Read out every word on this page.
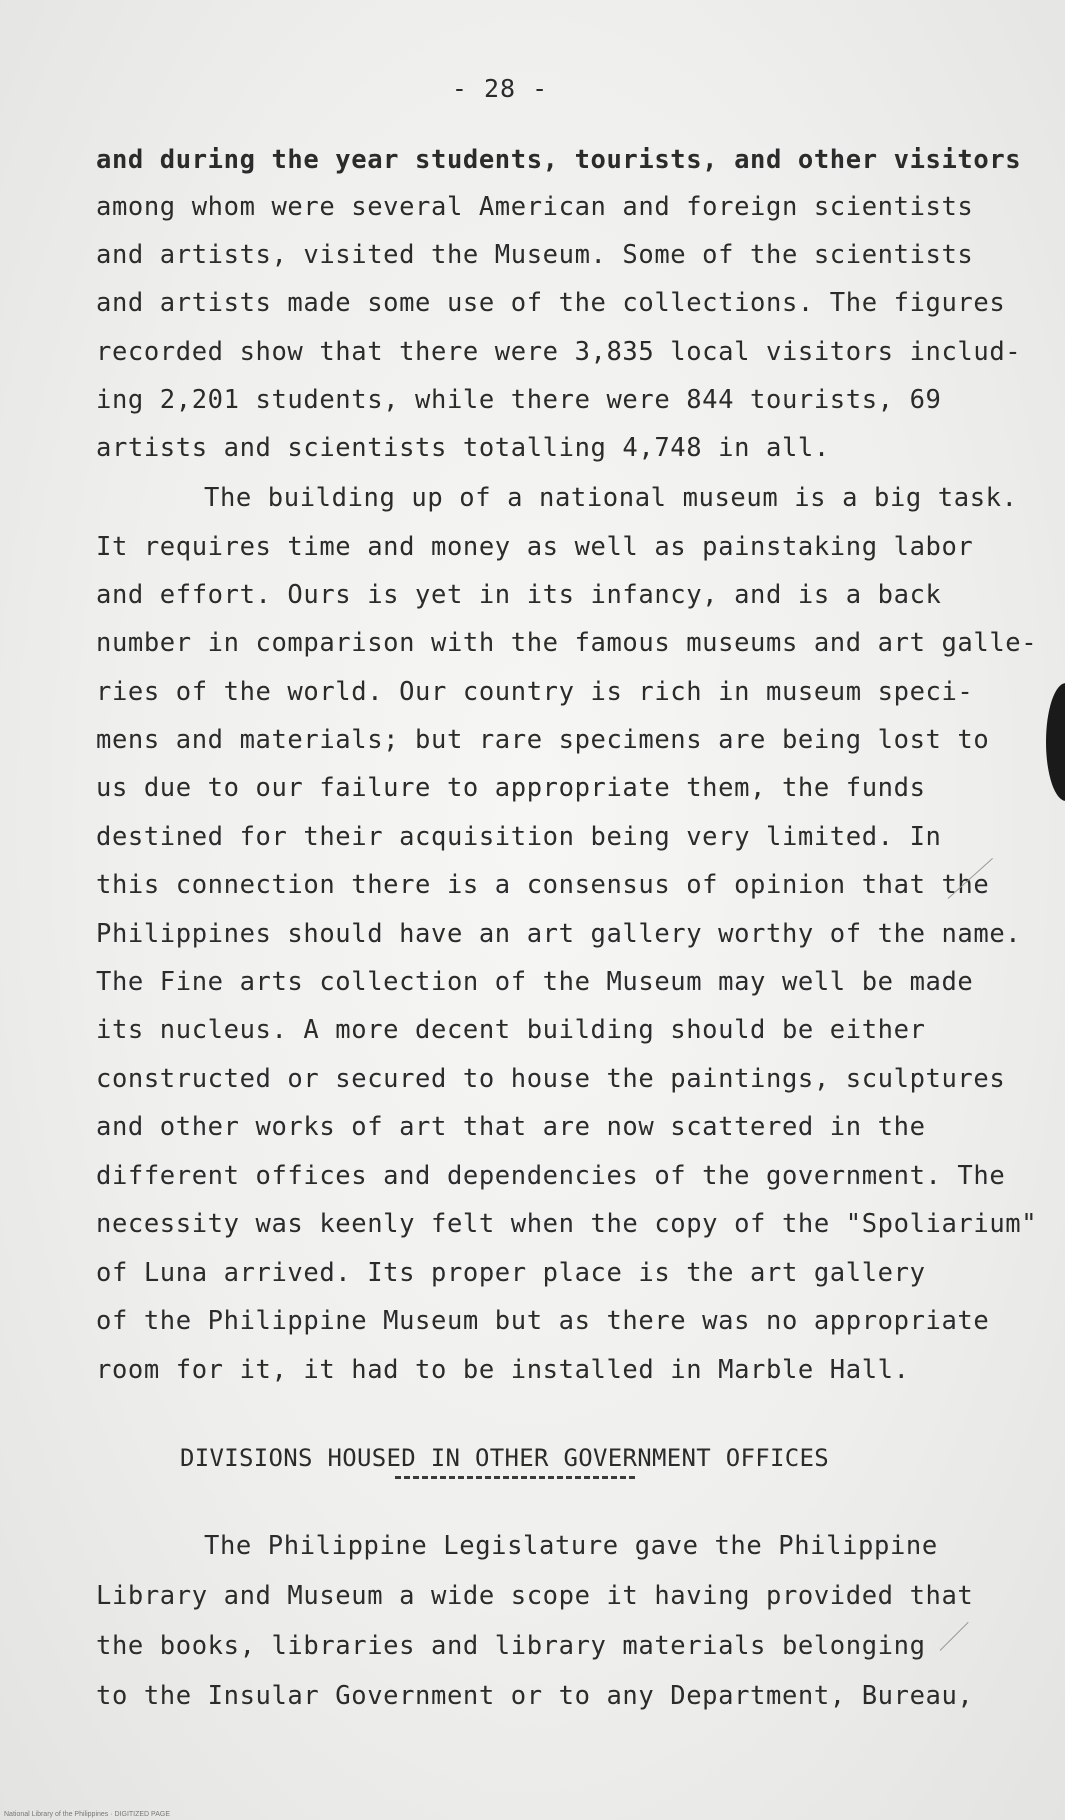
- 28 -
and during the year students, tourists, and other visitors
among whom were several American and foreign scientists
and artists, visited the Museum. Some of the scientists
and artists made some use of the collections. The figures
recorded show that there were 3,835 local visitors includ-
ing 2,201 students, while there were 844 tourists, 69
artists and scientists totalling 4,748 in all.
The building up of a national museum is a big task.
It requires time and money as well as painstaking labor
and effort. Ours is yet in its infancy, and is a back
number in comparison with the famous museums and art galle-
ries of the world. Our country is rich in museum speci-
mens and materials; but rare specimens are being lost to
us due to our failure to appropriate them, the funds
destined for their acquisition being very limited. In
this connection there is a consensus of opinion that the
Philippines should have an art gallery worthy of the name.
The Fine arts collection of the Museum may well be made
its nucleus. A more decent building should be either
constructed or secured to house the paintings, sculptures
and other works of art that are now scattered in the
different offices and dependencies of the government. The
necessity was keenly felt when the copy of the "Spoliarium"
of Luna arrived. Its proper place is the art gallery
of the Philippine Museum but as there was no appropriate
room for it, it had to be installed in Marble Hall.
DIVISIONS HOUSED IN OTHER GOVERNMENT OFFICES
The Philippine Legislature gave the Philippine
Library and Museum a wide scope it having provided that
the books, libraries and library materials belonging
to the Insular Government or to any Department, Bureau,
National Library of the Philippines · DIGITIZED PAGE
